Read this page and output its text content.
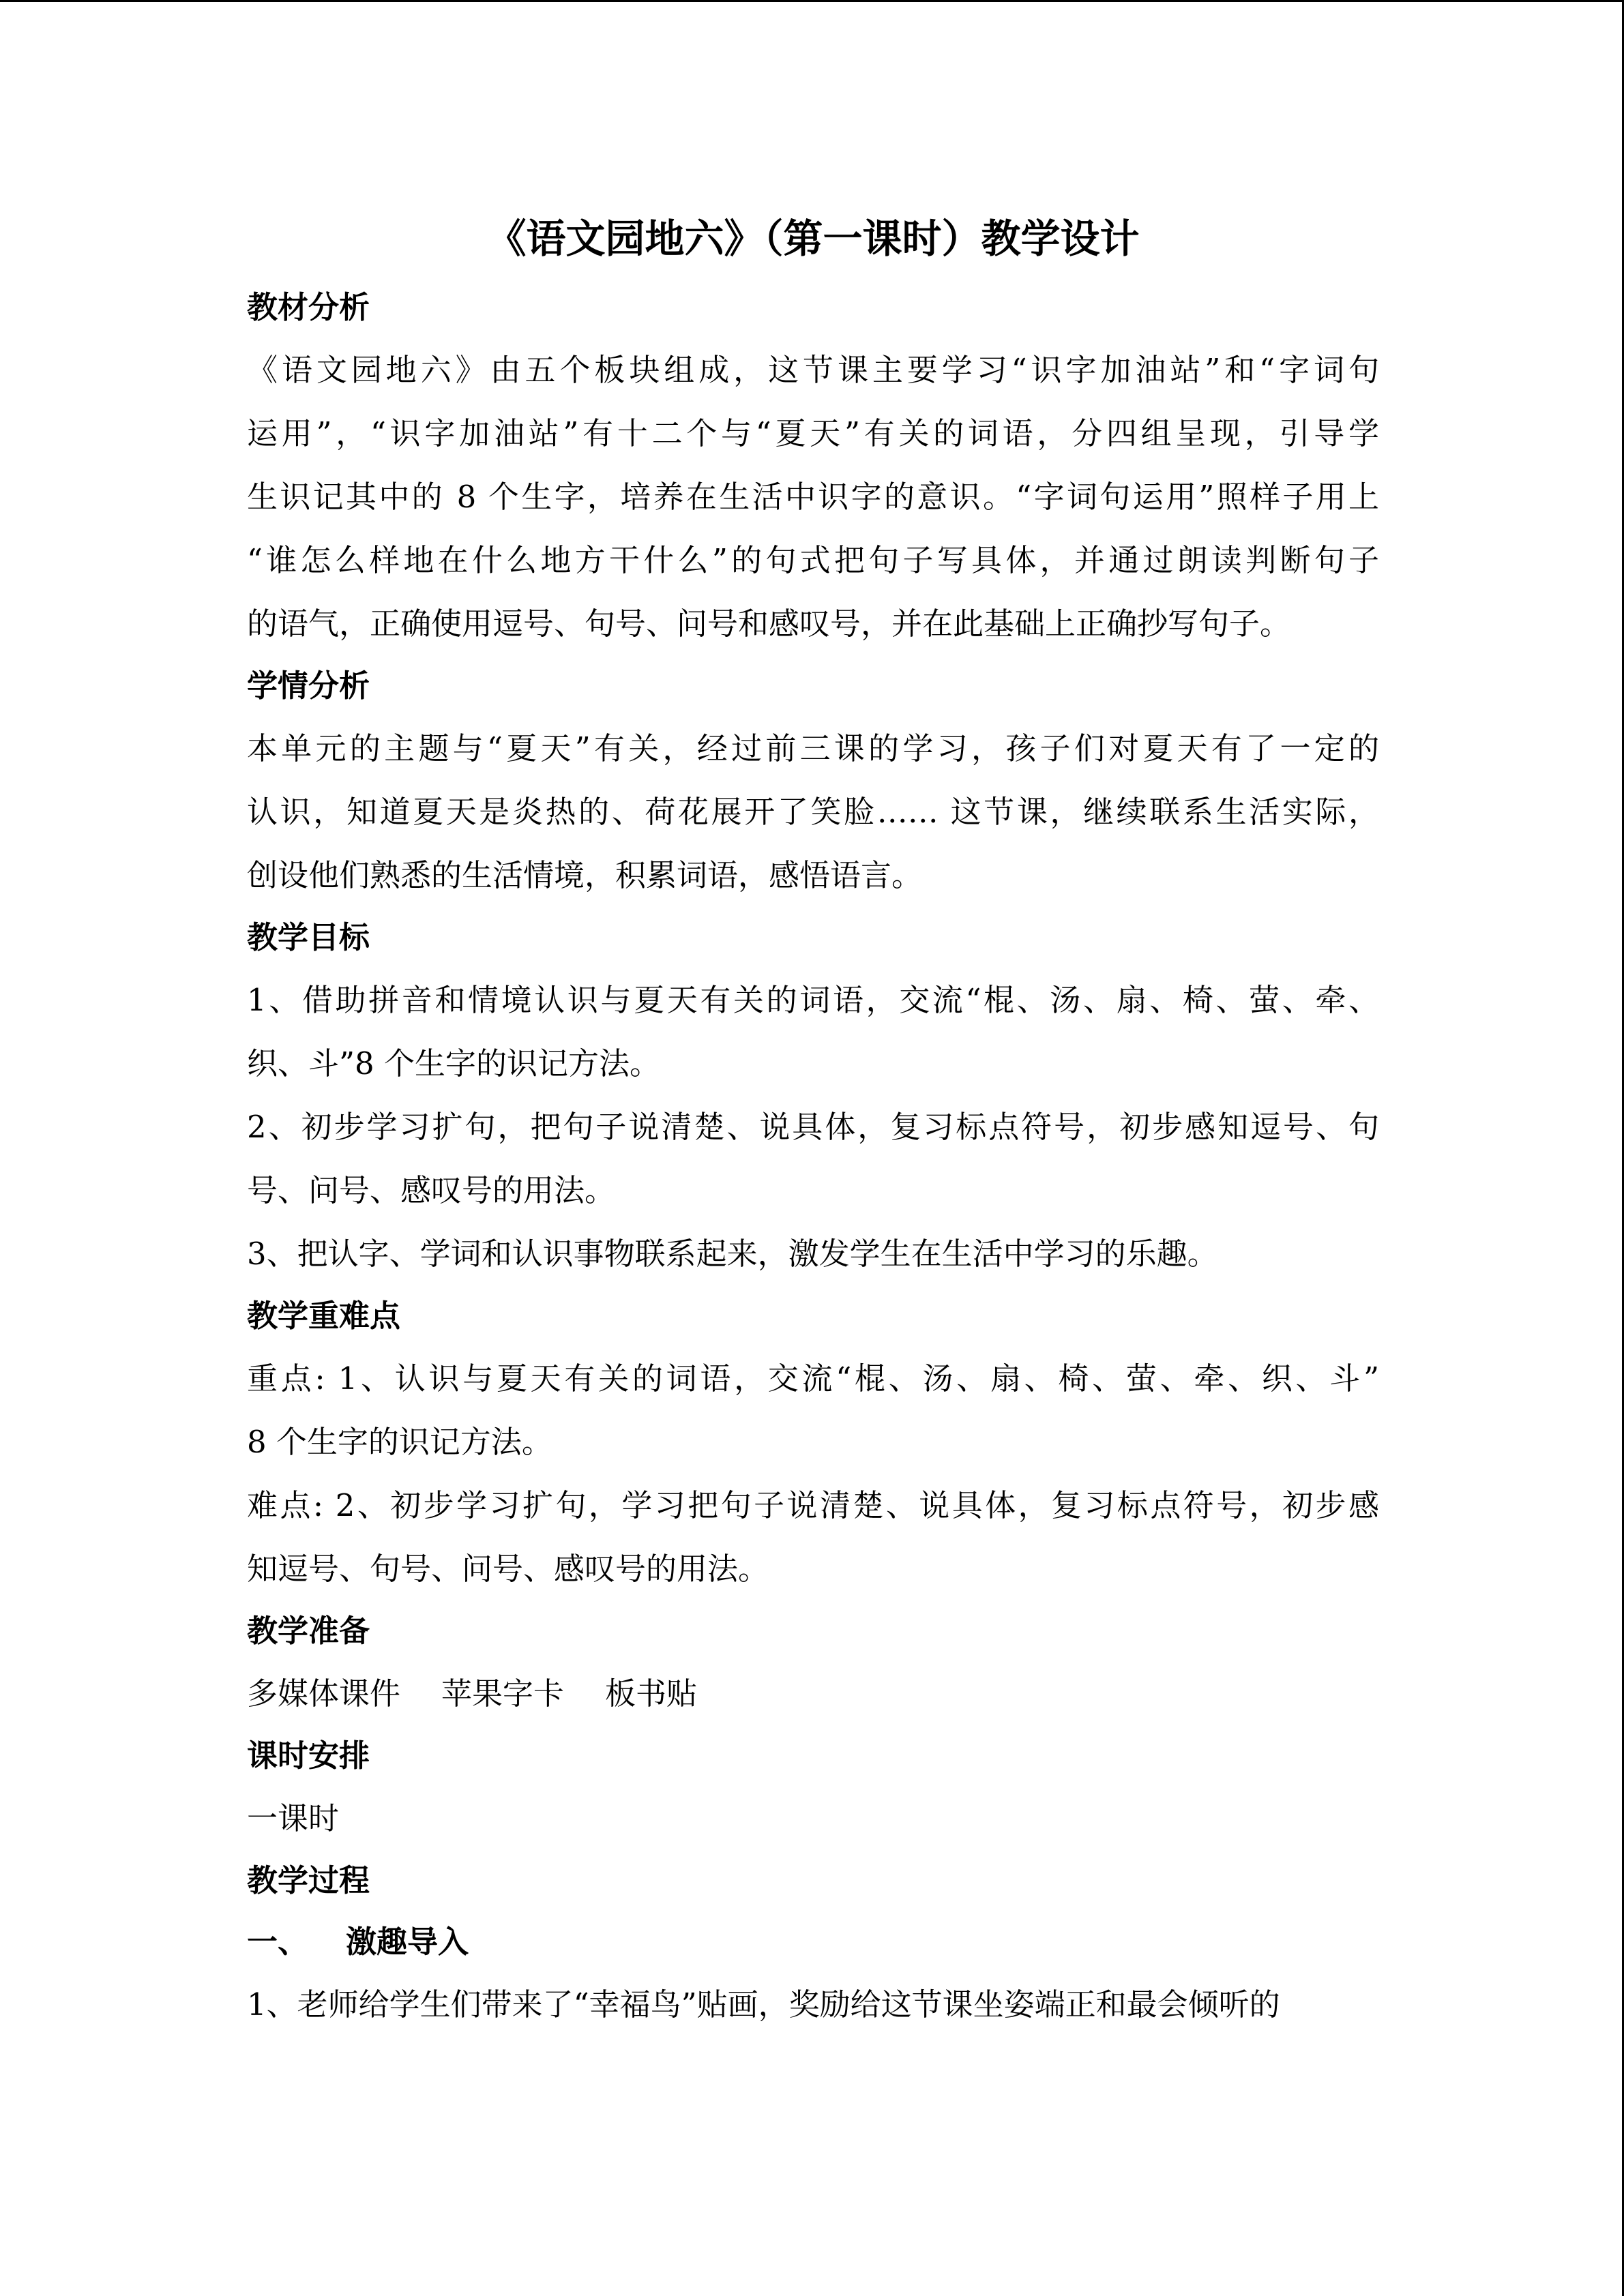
《语文园地六》（第一课时）教学设计

教材分析

《语文园地六》由五个板块组成，这节课主要学习“识字加油站”和“字词句
运用”，“识字加油站”有十二个与“夏天”有关的词语，分四组呈现，引导学
生识记其中的 8 个生字，培养在生活中识字的意识。“字词句运用”照样子用上
“谁怎么样地在什么地方干什么”的句式把句子写具体，并通过朗读判断句子
的语气，正确使用逗号、句号、问号和感叹号，并在此基础上正确抄写句子。

学情分析

本单元的主题与“夏天”有关，经过前三课的学习，孩子们对夏天有了一定的
认识，知道夏天是炎热的、荷花展开了笑脸…… 这节课，继续联系生活实际，
创设他们熟悉的生活情境，积累词语，感悟语言。

教学目标

1、借助拼音和情境认识与夏天有关的词语，交流“棍、汤、扇、椅、萤、牵、
织、斗”8 个生字的识记方法。

2、初步学习扩句，把句子说清楚、说具体，复习标点符号，初步感知逗号、句
号、问号、感叹号的用法。

3、把认字、学词和认识事物联系起来，激发学生在生活中学习的乐趣。

教学重难点

重点: 1、认识与夏天有关的词语，交流“棍、汤、扇、椅、萤、牵、织、斗”
8 个生字的识记方法。

难点: 2、初步学习扩句，学习把句子说清楚、说具体，复习标点符号，初步感
知逗号、句号、问号、感叹号的用法。

教学准备

多媒体课件 苹果字卡 板书贴

课时安排

一课时

教学过程

一、 激趣导入

1、老师给学生们带来了“幸福鸟”贴画，奖励给这节课坐姿端正和最会倾听的
